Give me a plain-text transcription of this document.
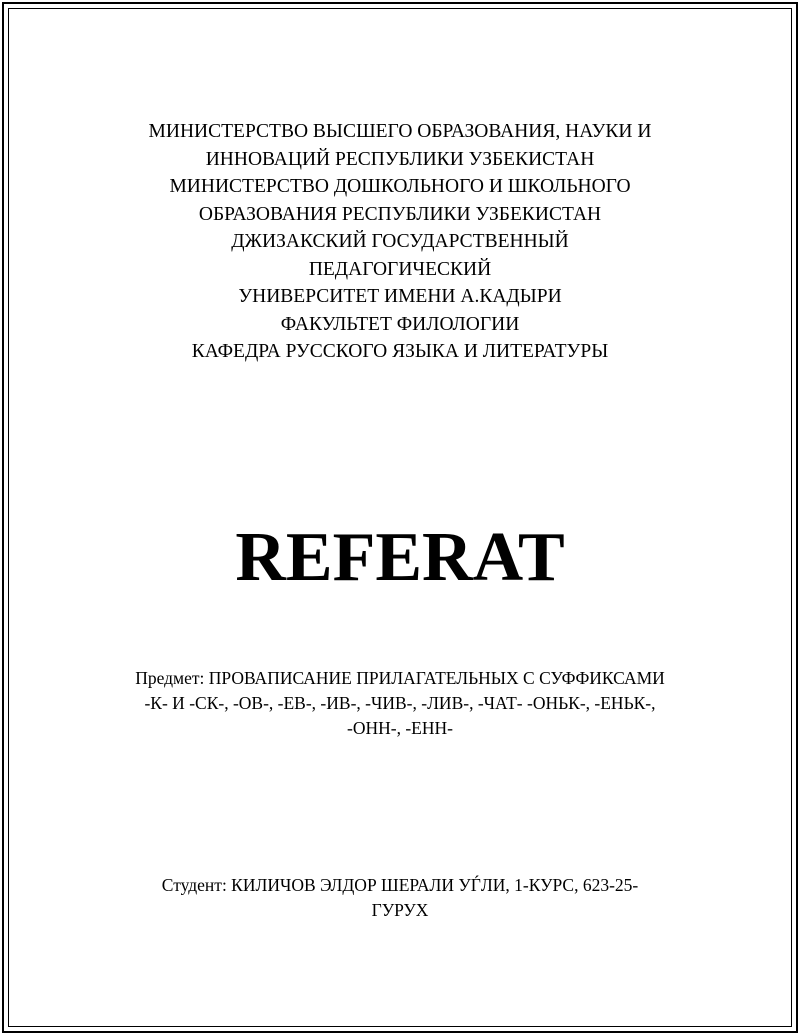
МИНИСТЕРСТВО ВЫСШЕГО ОБРАЗОВАНИЯ, НАУКИ И
ИННОВАЦИЙ РЕСПУБЛИКИ УЗБЕКИСТАН
МИНИСТЕРСТВО ДОШКОЛЬНОГО И ШКОЛЬНОГО
ОБРАЗОВАНИЯ РЕСПУБЛИКИ УЗБЕКИСТАН
ДЖИЗАКСКИЙ ГОСУДАРСТВЕННЫЙ
ПЕДАГОГИЧЕСКИЙ
УНИВЕРСИТЕТ ИМЕНИ А.КАДЫРИ
ФАКУЛЬТЕТ ФИЛОЛОГИИ
КАФЕДРА РУССКОГО ЯЗЫКА И ЛИТЕРАТУРЫ
REFERAT
Предмет: ПРОВАПИСАНИЕ ПРИЛАГАТЕЛЬНЫХ С СУФФИКСАМИ
-К- И -СК-, -ОВ-, -ЕВ-, -ИВ-, -ЧИВ-, -ЛИВ-, -ЧАТ- -ОНЬК-, -ЕНЬК-,
-ОНН-, -ЕНН-
Студент: КИЛИЧОВ ЭЛДОР ШЕРАЛИ УЃЛИ, 1-КУРС, 623-25-
ГУРУХ
